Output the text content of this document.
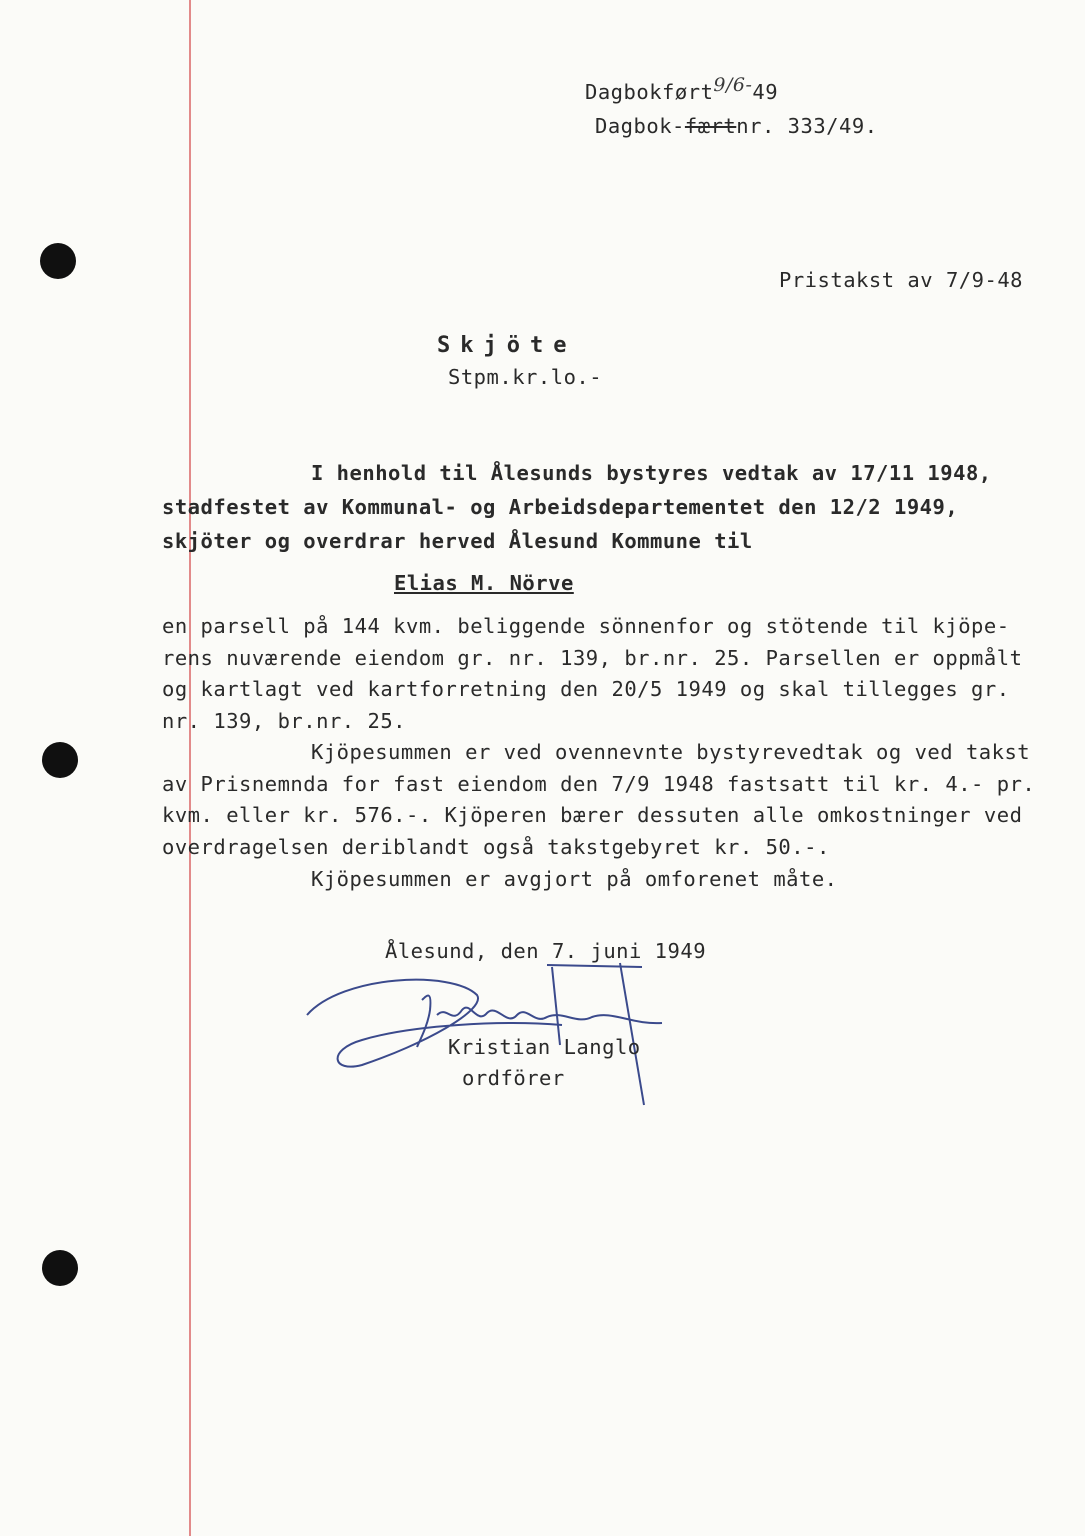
Dagbokført9/6-49
Dagbok-færtnr. 333/49.
Pristakst av 7/9-48
Skjöte
Stpm.kr.lo.-
I henhold til Ålesunds bystyres vedtak av 17/11 1948,
stadfestet av Kommunal- og Arbeidsdepartementet den 12/2 1949,
skjöter og overdrar herved Ålesund Kommune til
Elias M. Nörve
en parsell på 144 kvm. beliggende sönnenfor og stötende til kjöpe-
rens nuværende eiendom gr. nr. 139, br.nr. 25. Parsellen er oppmålt
og kartlagt ved kartforretning den 20/5 1949 og skal tillegges gr.
nr. 139, br.nr. 25.
Kjöpesummen er ved ovennevnte bystyrevedtak og ved takst
av Prisnemnda for fast eiendom den 7/9 1948 fastsatt til kr. 4.- pr.
kvm. eller kr. 576.-. Kjöperen bærer dessuten alle omkostninger ved
overdragelsen deriblandt også takstgebyret kr. 50.-.
Kjöpesummen er avgjort på omforenet måte.
Ålesund, den 7. juni 1949
Kristian Langlo
ordförer
